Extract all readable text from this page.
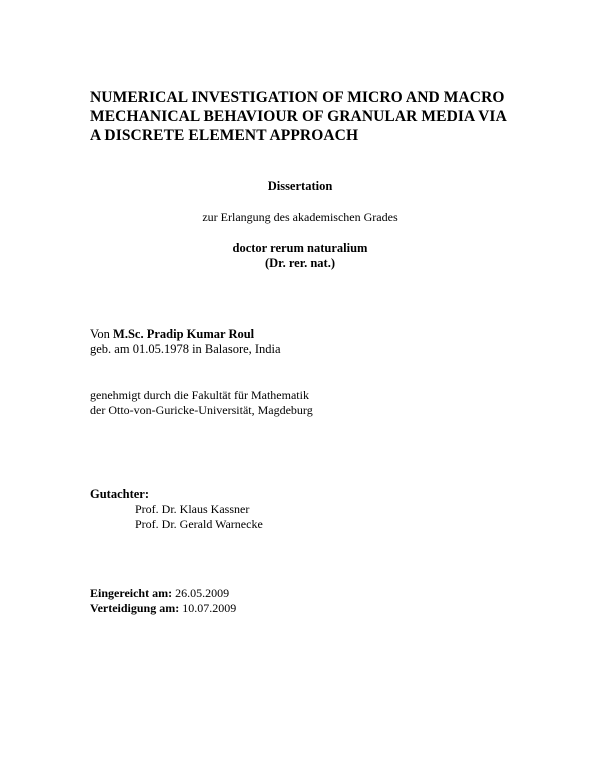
NUMERICAL INVESTIGATION OF MICRO AND MACRO
MECHANICAL BEHAVIOUR OF GRANULAR MEDIA VIA
A DISCRETE ELEMENT APPROACH
Dissertation
zur Erlangung des akademischen Grades
doctor rerum naturalium
(Dr. rer. nat.)
Von M.Sc. Pradip Kumar Roul
geb. am 01.05.1978 in Balasore, India
genehmigt durch die Fakultät für Mathematik
der Otto-von-Guricke-Universität, Magdeburg
Gutachter:
Prof. Dr. Klaus Kassner
Prof. Dr. Gerald Warnecke
Eingereicht am: 26.05.2009
Verteidigung am: 10.07.2009
